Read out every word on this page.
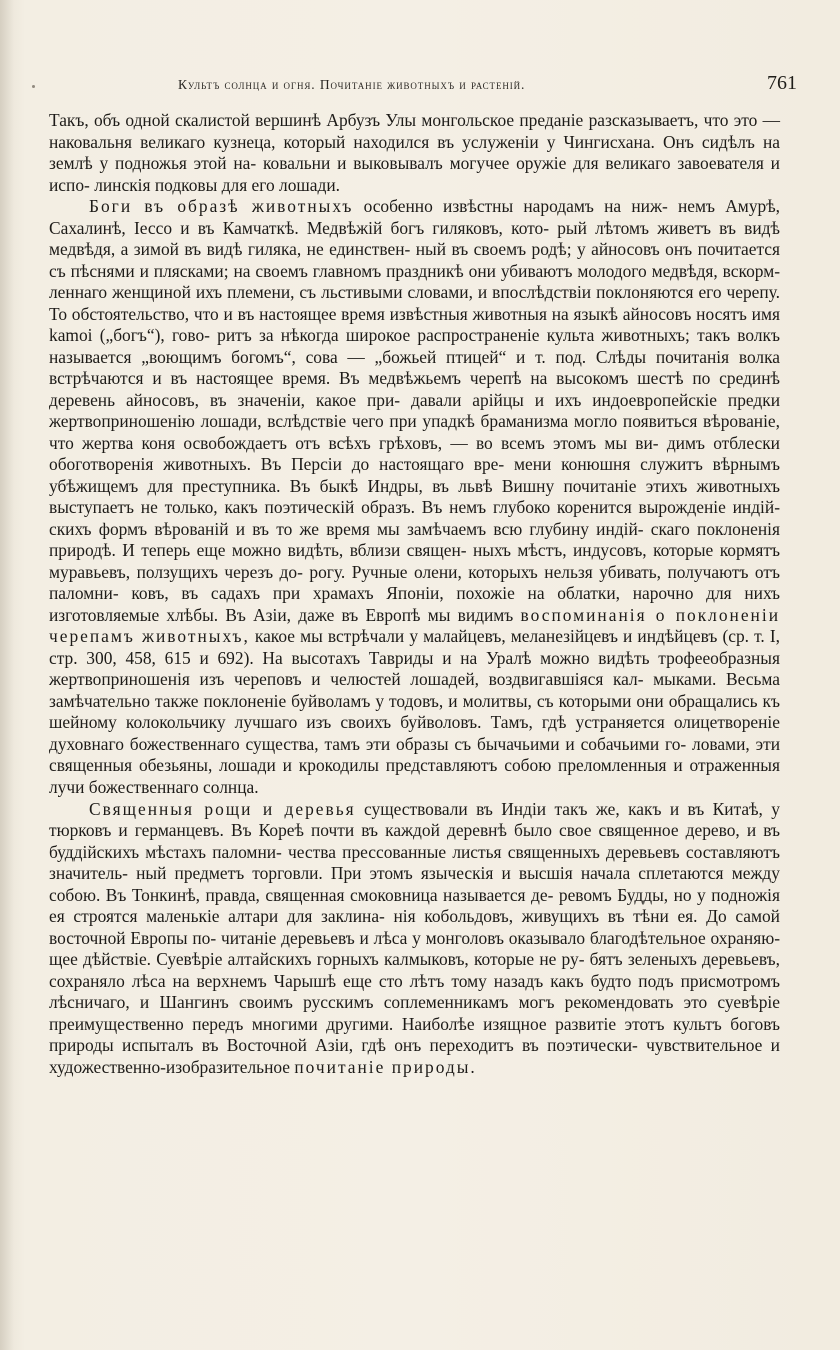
Культъ солнца и огня. Почитаніе животныхъ и растеній.	761

Такъ, объ одной скалистой вершинѣ Арбузъ Улы монгольское преданіе разсказываетъ, что это — наковальня великаго кузнеца, который находился въ услуженіи у Чингисхана. Онъ сидѣлъ на землѣ у подножья этой на- ковальни и выковывалъ могучее оружіе для великаго завоевателя и испо- линскія подковы для его лошади.

Боги въ образѣ животныхъ особенно извѣстны народамъ на ниж- немъ Амурѣ, Сахалинѣ, Іессо и въ Камчаткѣ. Медвѣжій богъ гиляковъ, кото- рый лѣтомъ живетъ въ видѣ медвѣдя, а зимой въ видѣ гиляка, не единствен- ный въ своемъ родѣ; у айносовъ онъ почитается съ пѣснями и плясками; на своемъ главномъ праздникѣ они убиваютъ молодого медвѣдя, вскорм- леннаго женщиной ихъ племени, съ льстивыми словами, и впослѣдствіи поклоняются его черепу. То обстоятельство, что и въ настоящее время извѣстныя животныя на языкѣ айносовъ носятъ имя kamoi („богъ“), гово- ритъ за нѣкогда широкое распространеніе культа животныхъ; такъ волкъ называется „воющимъ богомъ“, сова — „божьей птицей“ и т. под. Слѣды почитанія волка встрѣчаются и въ настоящее время. Въ медвѣжьемъ черепѣ на высокомъ шестѣ по срединѣ деревень айносовъ, въ значеніи, какое при- давали арійцы и ихъ индоевропейскіе предки жертвоприношенію лошади, вслѣдствіе чего при упадкѣ браманизма могло появиться вѣрованіе, что жертва коня освобождаетъ отъ всѣхъ грѣховъ, — во всемъ этомъ мы ви- димъ отблески обоготворенія животныхъ. Въ Персіи до настоящаго вре- мени конюшня служитъ вѣрнымъ убѣжищемъ для преступника. Въ быкѣ Индры, въ львѣ Вишну почитаніе этихъ животныхъ выступаетъ не только, какъ поэтическій образъ. Въ немъ глубоко коренится вырожденіе индій- скихъ формъ вѣрованій и въ то же время мы замѣчаемъ всю глубину индій- скаго поклоненія природѣ. И теперь еще можно видѣть, вблизи священ- ныхъ мѣстъ, индусовъ, которые кормятъ муравьевъ, ползущихъ черезъ до- рогу. Ручные олени, которыхъ нельзя убивать, получаютъ отъ паломни- ковъ, въ садахъ при храмахъ Японіи, похожіе на облатки, нарочно для нихъ изготовляемые хлѣбы. Въ Азіи, даже въ Европѣ мы видимъ воспоминанія о поклоненіи черепамъ животныхъ, какое мы встрѣчали у малайцевъ, меланезійцевъ и индѣйцевъ (ср. т. I, стр. 300, 458, 615 и 692). На высотахъ Тавриды и на Уралѣ можно видѣть трофееобразныя жертвоприношенія изъ череповъ и челюстей лошадей, воздвигавшіяся кал- мыками. Весьма замѣчательно также поклоненіе буйволамъ у тодовъ, и молитвы, съ которыми они обращались къ шейному колокольчику лучшаго изъ своихъ буйволовъ. Тамъ, гдѣ устраняется олицетвореніе духовнаго божественнаго существа, тамъ эти образы съ бычачьими и собачьими го- ловами, эти священныя обезьяны, лошади и крокодилы представляютъ собою преломленныя и отраженныя лучи божественнаго солнца.

Священныя рощи и деревья существовали въ Индіи такъ же, какъ и въ Китаѣ, у тюрковъ и германцевъ. Въ Кореѣ почти въ каждой деревнѣ было свое священное дерево, и въ буддійскихъ мѣстахъ паломни- чества прессованные листья священныхъ деревьевъ составляютъ значитель- ный предметъ торговли. При этомъ языческія и высшія начала сплетаются между собою. Въ Тонкинѣ, правда, священная смоковница называется де- ревомъ Будды, но у подножія ея строятся маленькіе алтари для заклина- нія кобольдовъ, живущихъ въ тѣни ея. До самой восточной Европы по- читаніе деревьевъ и лѣса у монголовъ оказывало благодѣтельное охраняю- щее дѣйствіе. Суевѣріе алтайскихъ горныхъ калмыковъ, которые не ру- бятъ зеленыхъ деревьевъ, сохраняло лѣса на верхнемъ Чарышѣ еще сто лѣтъ тому назадъ какъ будто подъ присмотромъ лѣсничаго, и Шангинъ своимъ русскимъ соплеменникамъ могъ рекомендовать это суевѣріе преимущественно передъ многими другими. Наиболѣе изящное развитіе этотъ культъ боговъ природы испыталъ въ Восточной Азіи, гдѣ онъ переходитъ въ поэтически- чувствительное и художественно-изобразительное почитаніе природы.
